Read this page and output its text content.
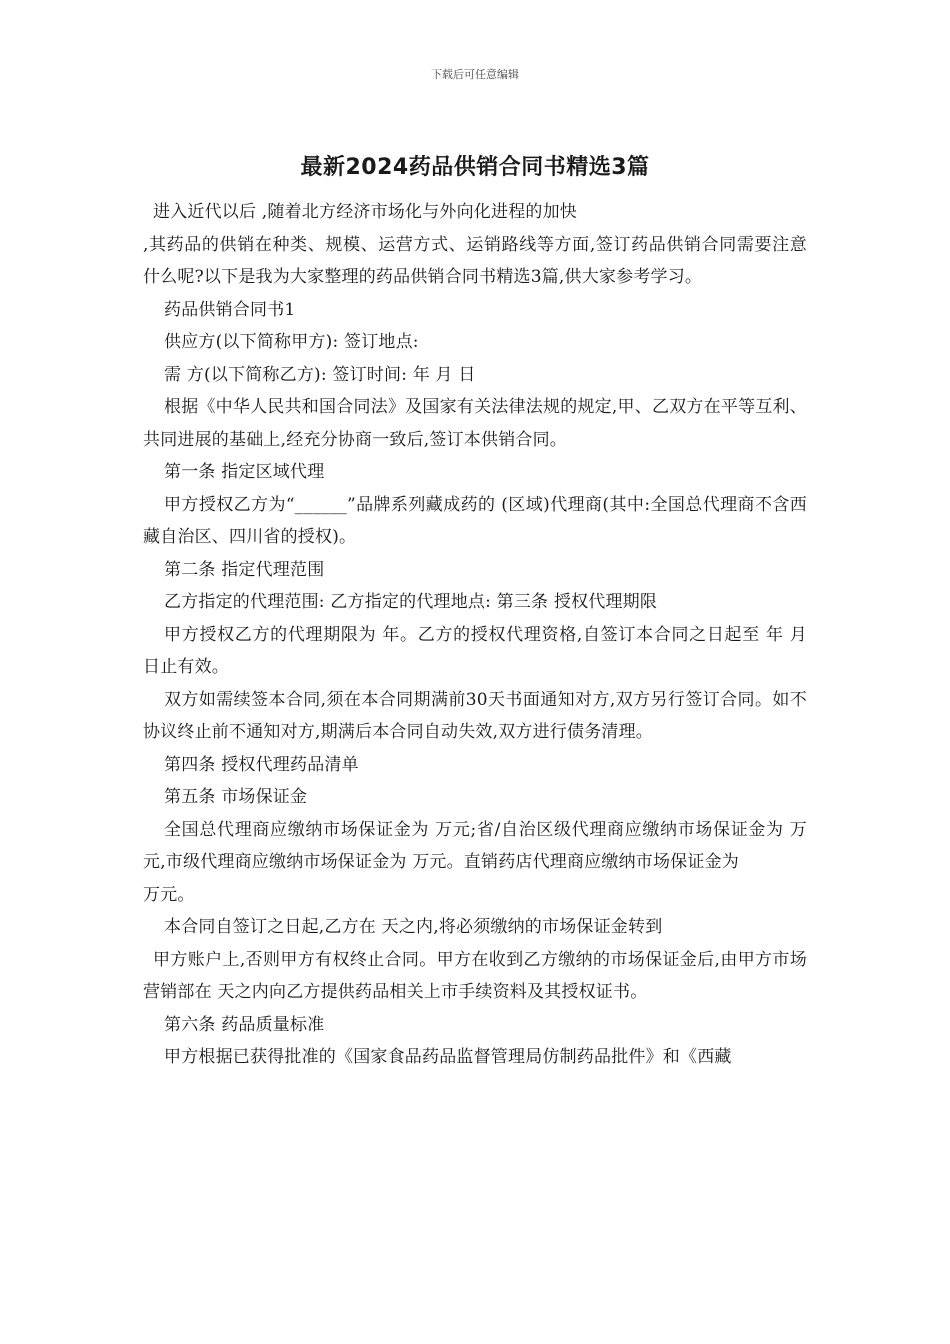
下载后可任意编辑
最新2024药品供销合同书精选3篇

进入近代以后 ,随着北方经济市场化与外向化进程的加快

,其药品的供销在种类、规模、运营方式、运销路线等方面,签订药品供销合同需要注意什么呢?以下是我为大家整理的药品供销合同书精选3篇,供大家参考学习。

药品供销合同书1

供应方(以下简称甲方): 签订地点:

需 方(以下简称乙方): 签订时间: 年 月 日

根据《中华人民共和国合同法》及国家有关法律法规的规定,甲、乙双方在平等互利、共同进展的基础上,经充分协商一致后,签订本供销合同。

第一条 指定区域代理

甲方授权乙方为“______”品牌系列藏成药的 (区域)代理商(其中:全国总代理商不含西藏自治区、四川省的授权)。

第二条 指定代理范围

乙方指定的代理范围: 乙方指定的代理地点: 第三条 授权代理期限

甲方授权乙方的代理期限为 年。乙方的授权代理资格,自签订本合同之日起至 年 月 日止有效。

双方如需续签本合同,须在本合同期满前30天书面通知对方,双方另行签订合同。如不协议终止前不通知对方,期满后本合同自动失效,双方进行债务清理。

第四条 授权代理药品清单

第五条 市场保证金

全国总代理商应缴纳市场保证金为 万元;省/自治区级代理商应缴纳市场保证金为 万元,市级代理商应缴纳市场保证金为 万元。直销药店代理商应缴纳市场保证金为

万元。

本合同自签订之日起,乙方在 天之内,将必须缴纳的市场保证金转到

甲方账户上,否则甲方有权终止合同。甲方在收到乙方缴纳的市场保证金后,由甲方市场营销部在 天之内向乙方提供药品相关上市手续资料及其授权证书。

第六条 药品质量标准

甲方根据已获得批准的《国家食品药品监督管理局仿制药品批件》和《西藏
